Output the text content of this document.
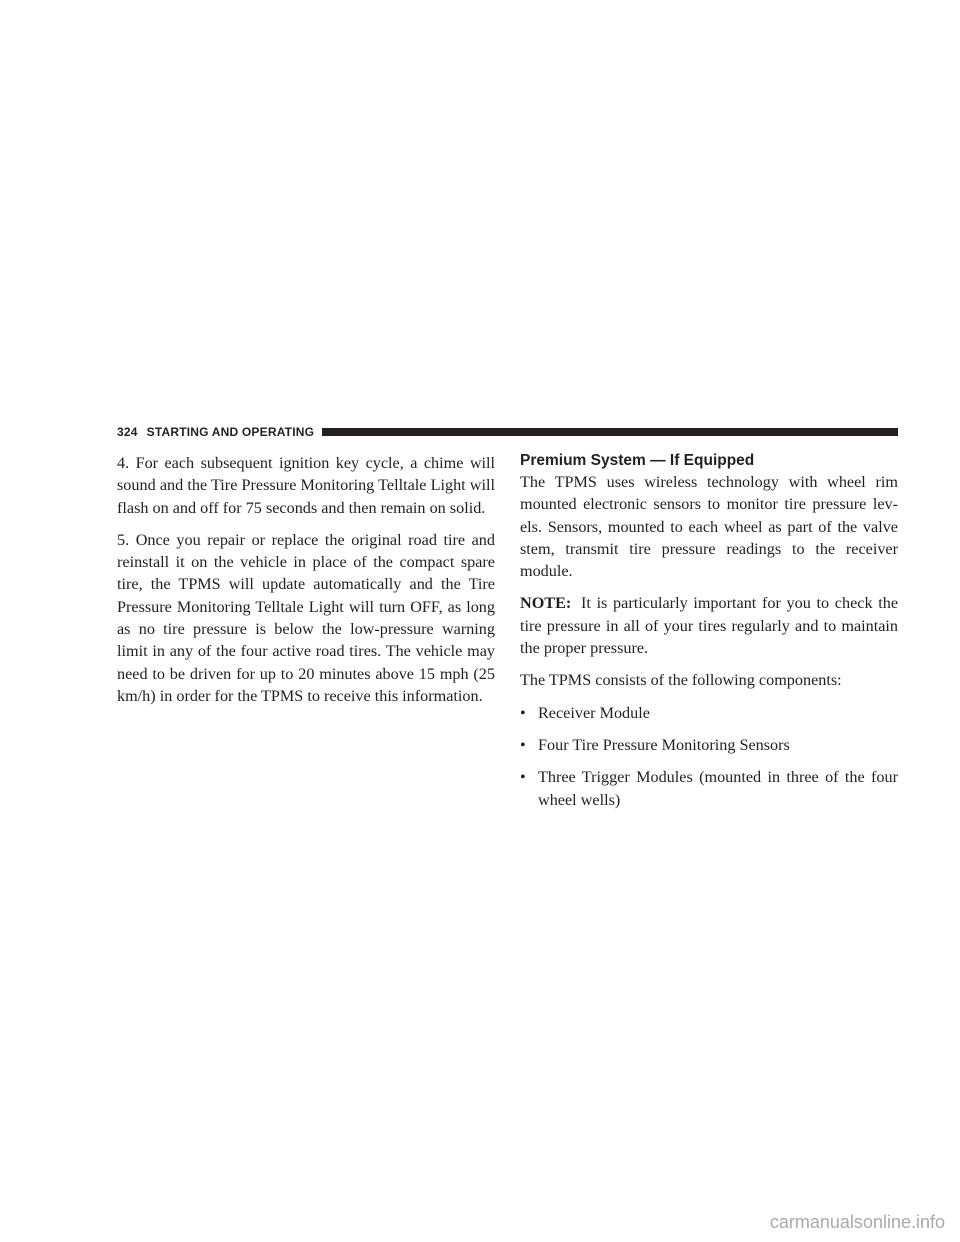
324 STARTING AND OPERATING

4. For each subsequent ignition key cycle, a chime will sound and the Tire Pressure Monitoring Telltale Light will flash on and off for 75 seconds and then remain on solid.

5. Once you repair or replace the original road tire and reinstall it on the vehicle in place of the compact spare tire, the TPMS will update automatically and the Tire Pressure Monitoring Telltale Light will turn OFF, as long as no tire pressure is below the low-pressure warning limit in any of the four active road tires. The vehicle may need to be driven for up to 20 minutes above 15 mph (25 km/h) in order for the TPMS to receive this information.

Premium System — If Equipped

The TPMS uses wireless technology with wheel rim mounted electronic sensors to monitor tire pressure lev-els. Sensors, mounted to each wheel as part of the valve stem, transmit tire pressure readings to the receiver module.

NOTE: It is particularly important for you to check the tire pressure in all of your tires regularly and to maintain the proper pressure.

The TPMS consists of the following components:

• Receiver Module
• Four Tire Pressure Monitoring Sensors
• Three Trigger Modules (mounted in three of the four wheel wells)
carmanualsonline.info
